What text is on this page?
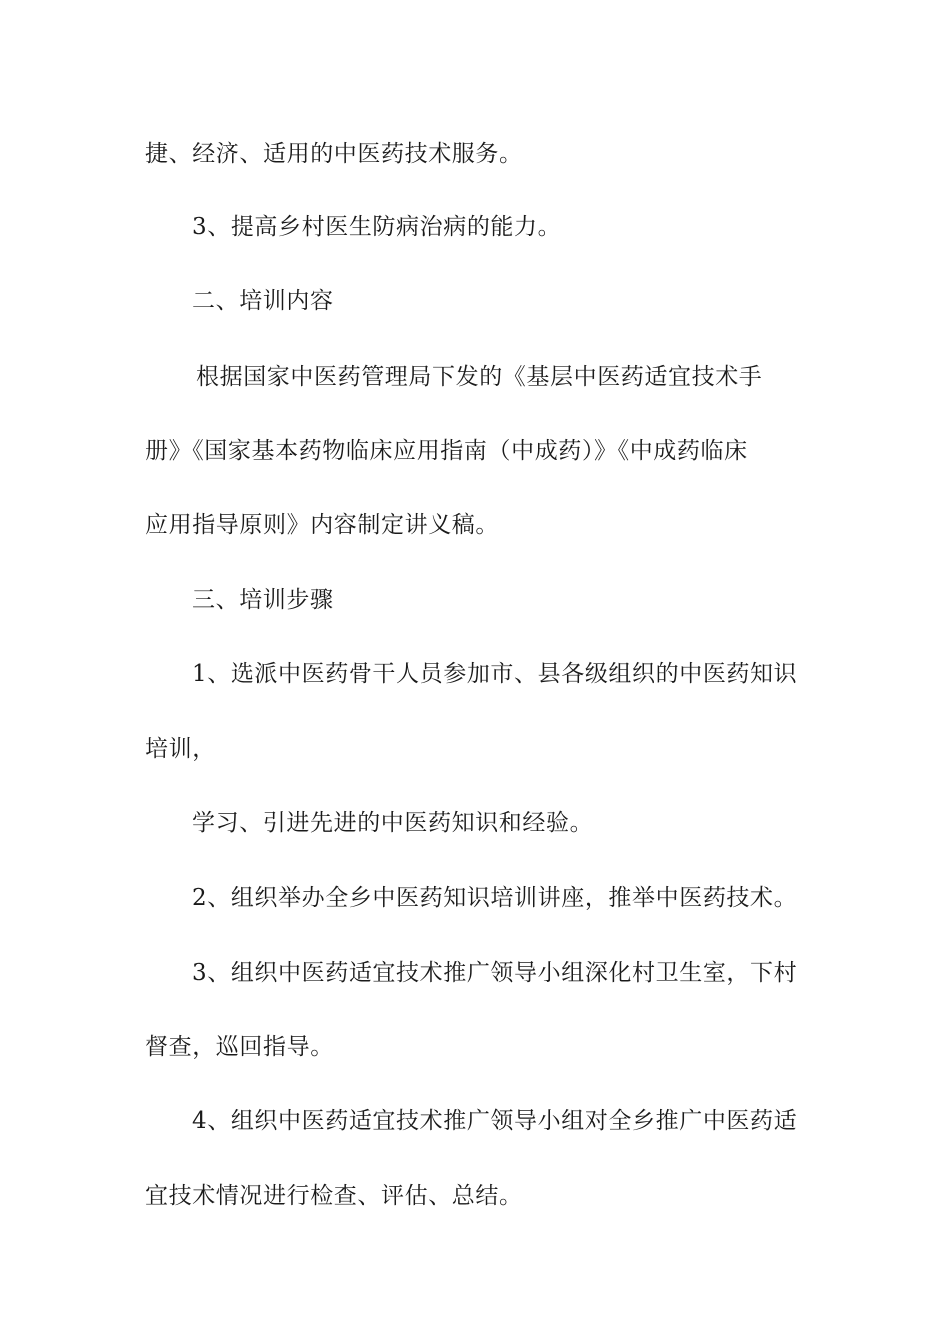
捷、经济、适用的中医药技术服务。
3、提高乡村医生防病治病的能力。
二、培训内容
根据国家中医药管理局下发的《基层中医药适宜技术手
册》《国家基本药物临床应用指南（中成药）》《中成药临床
应用指导原则》内容制定讲义稿。
三、培训步骤
1、选派中医药骨干人员参加市、县各级组织的中医药知识
培训，
学习、引进先进的中医药知识和经验。
2、组织举办全乡中医药知识培训讲座，推举中医药技术。
3、组织中医药适宜技术推广领导小组深化村卫生室，下村
督查，巡回指导。
4、组织中医药适宜技术推广领导小组对全乡推广中医药适
宜技术情况进行检查、评估、总结。
